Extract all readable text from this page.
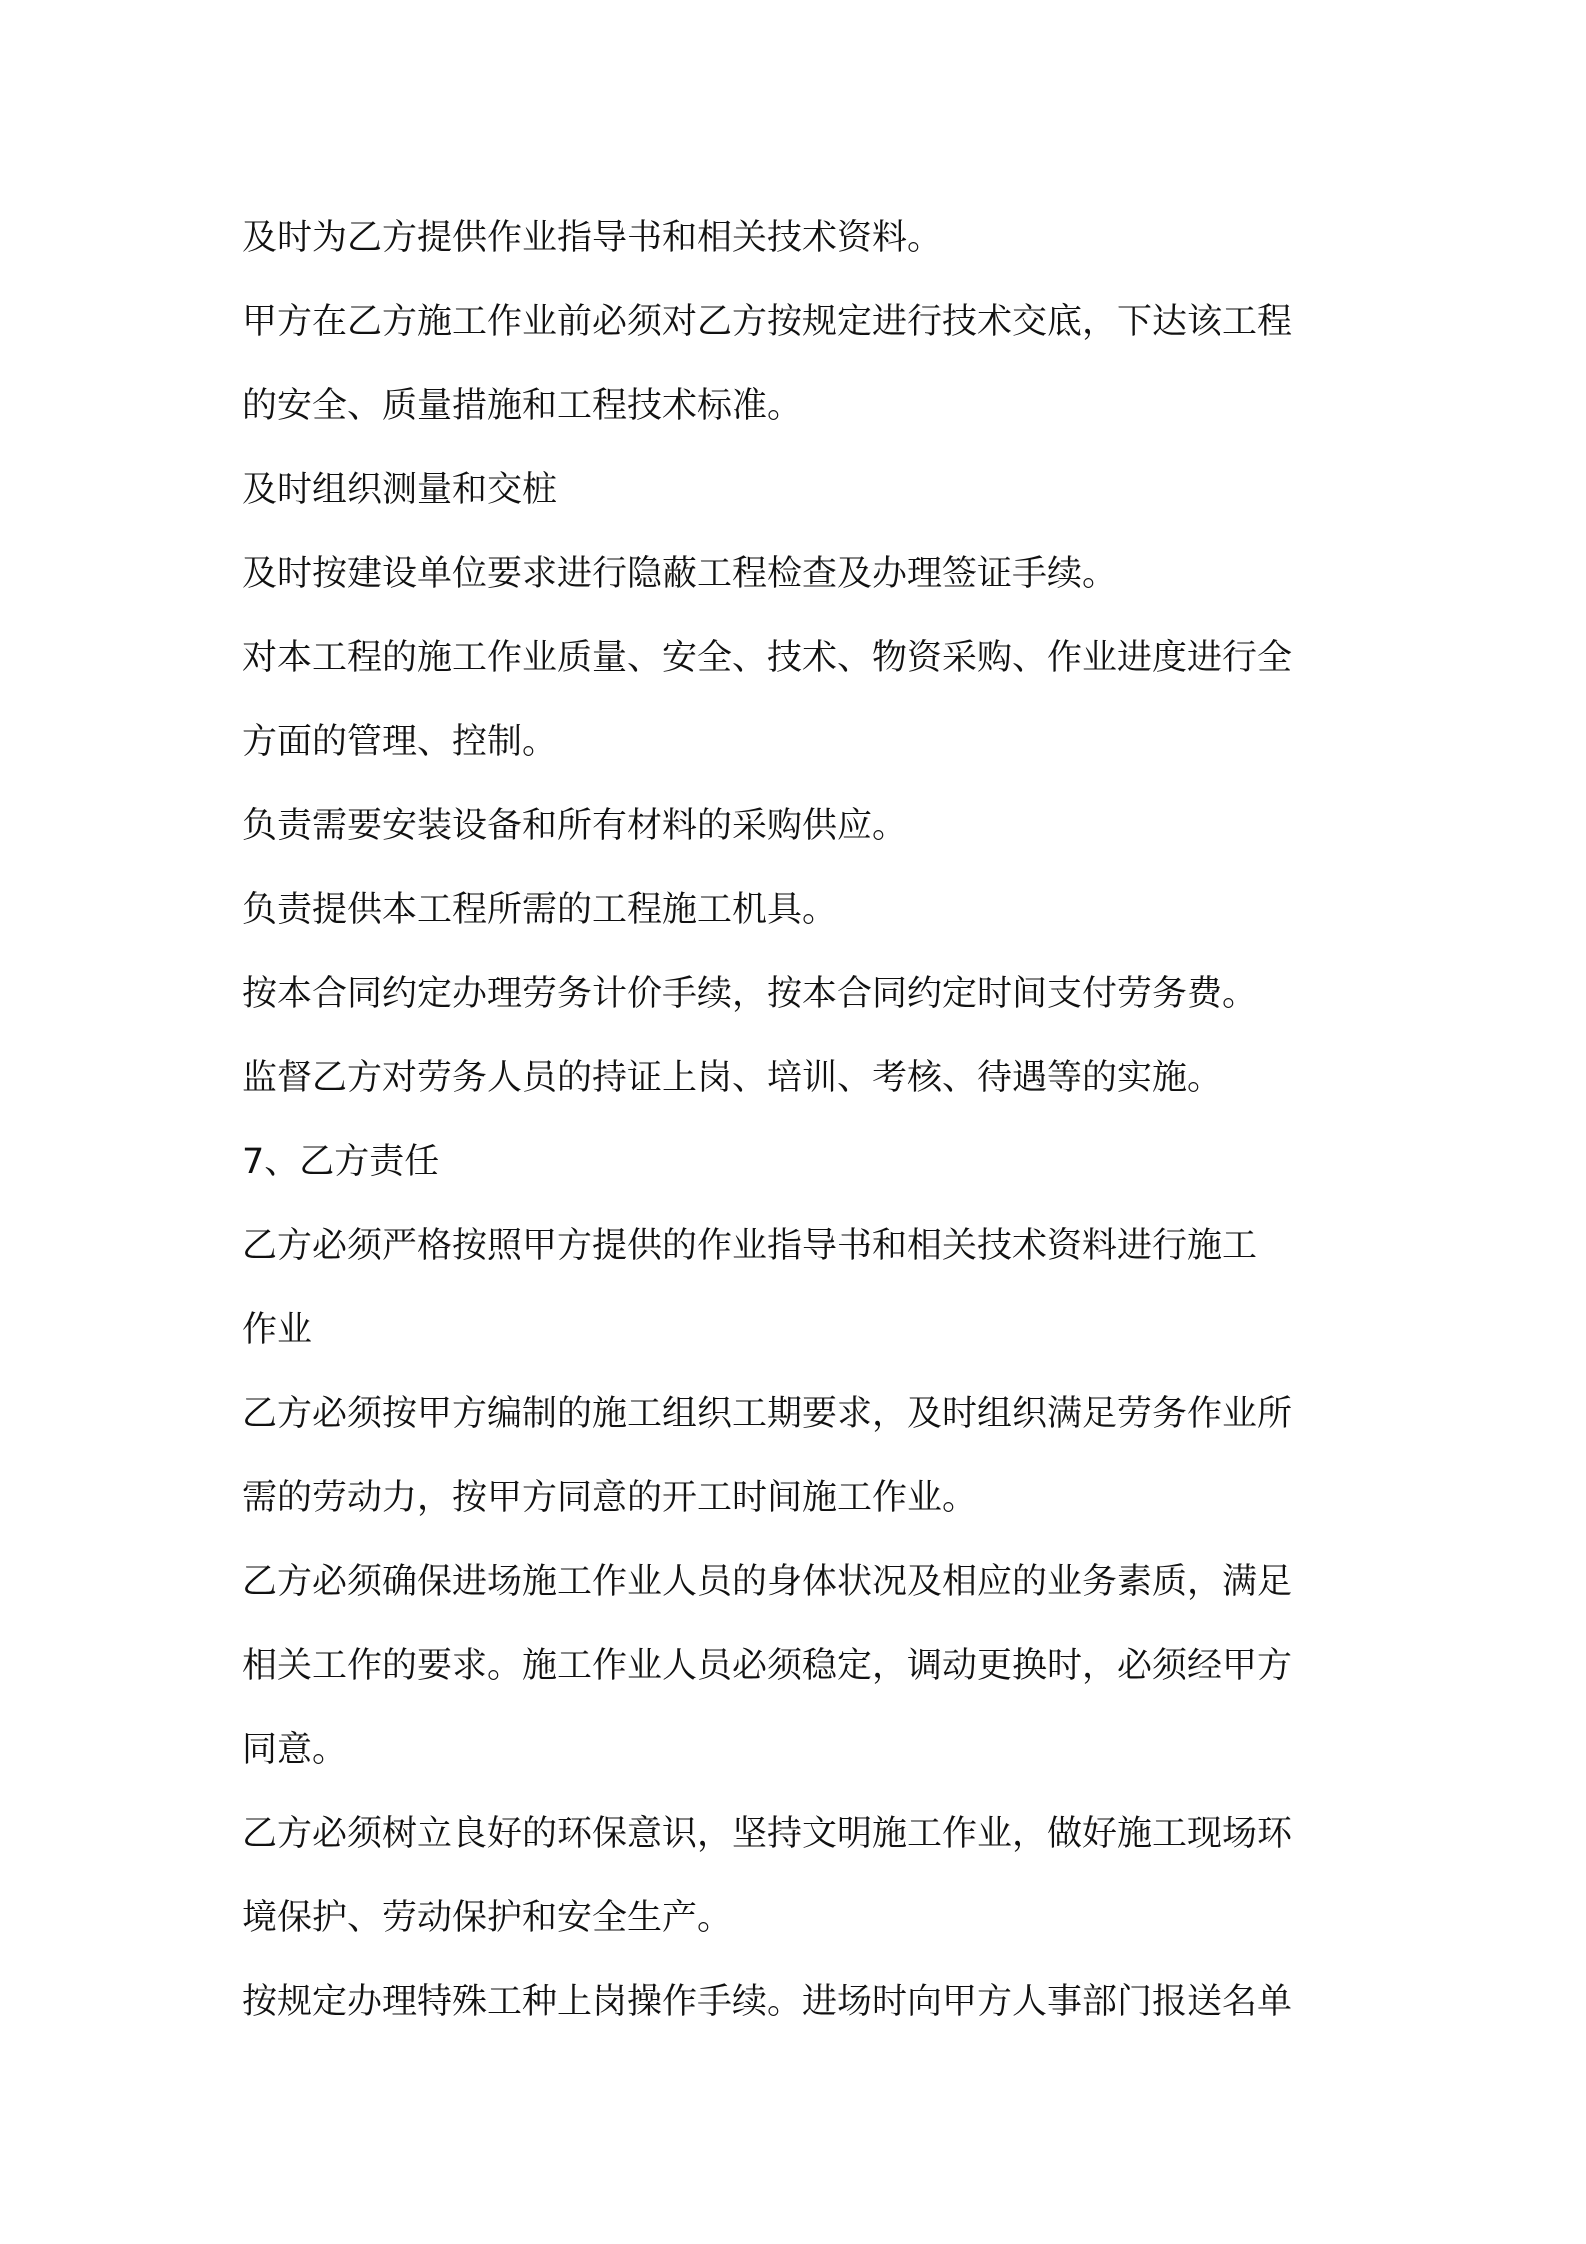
及时为乙方提供作业指导书和相关技术资料。

甲方在乙方施工作业前必须对乙方按规定进行技术交底，下达该工程

的安全、质量措施和工程技术标准。

及时组织测量和交桩

及时按建设单位要求进行隐蔽工程检查及办理签证手续。

对本工程的施工作业质量、安全、技术、物资采购、作业进度进行全

方面的管理、控制。

负责需要安装设备和所有材料的采购供应。

负责提供本工程所需的工程施工机具。

按本合同约定办理劳务计价手续，按本合同约定时间支付劳务费。

监督乙方对劳务人员的持证上岗、培训、考核、待遇等的实施。

7、乙方责任

乙方必须严格按照甲方提供的作业指导书和相关技术资料进行施工

作业

乙方必须按甲方编制的施工组织工期要求，及时组织满足劳务作业所

需的劳动力，按甲方同意的开工时间施工作业。

乙方必须确保进场施工作业人员的身体状况及相应的业务素质，满足

相关工作的要求。施工作业人员必须稳定，调动更换时，必须经甲方

同意。

乙方必须树立良好的环保意识，坚持文明施工作业，做好施工现场环

境保护、劳动保护和安全生产。

按规定办理特殊工种上岗操作手续。进场时向甲方人事部门报送名单
